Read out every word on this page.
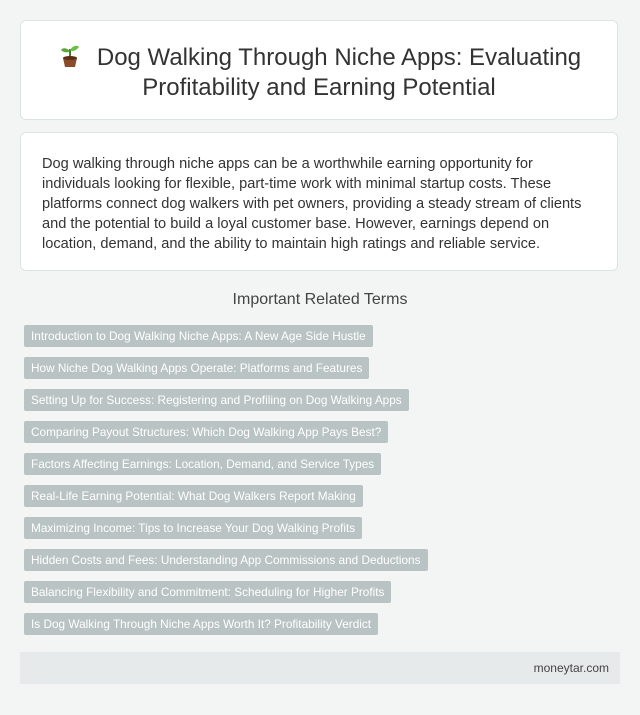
Dog Walking Through Niche Apps: Evaluating
Profitability and Earning Potential
Dog walking through niche apps can be a worthwhile earning opportunity for individuals looking for flexible, part-time work with minimal startup costs. These platforms connect dog walkers with pet owners, providing a steady stream of clients and the potential to build a loyal customer base. However, earnings depend on location, demand, and the ability to maintain high ratings and reliable service.
Important Related Terms
Introduction to Dog Walking Niche Apps: A New Age Side Hustle
How Niche Dog Walking Apps Operate: Platforms and Features
Setting Up for Success: Registering and Profiling on Dog Walking Apps
Comparing Payout Structures: Which Dog Walking App Pays Best?
Factors Affecting Earnings: Location, Demand, and Service Types
Real-Life Earning Potential: What Dog Walkers Report Making
Maximizing Income: Tips to Increase Your Dog Walking Profits
Hidden Costs and Fees: Understanding App Commissions and Deductions
Balancing Flexibility and Commitment: Scheduling for Higher Profits
Is Dog Walking Through Niche Apps Worth It? Profitability Verdict
moneytar.com
